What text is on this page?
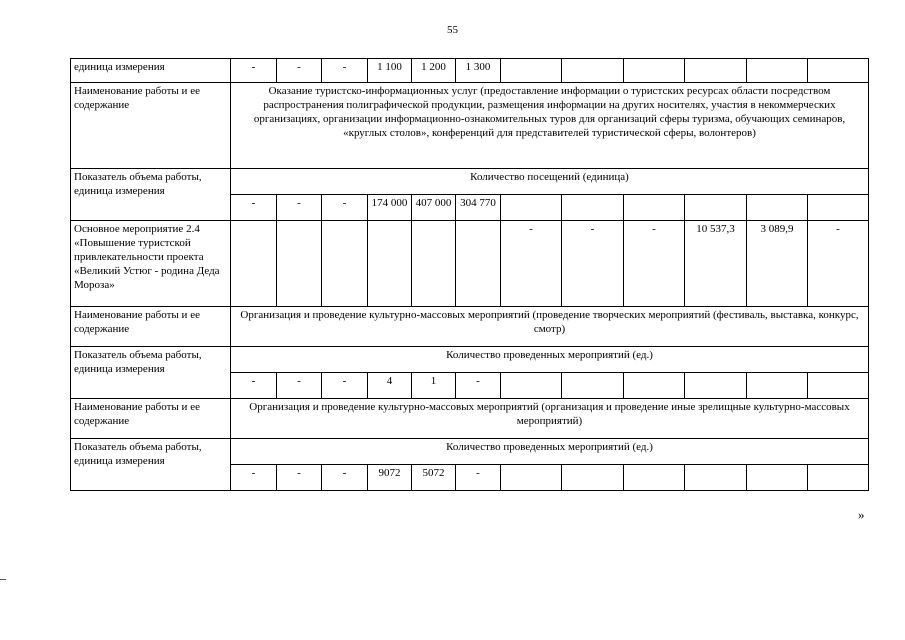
55
единица измерения	-	-	-	1 100	1 200	1 300						
Наименование работы и ее содержание	Оказание туристско-информационных услуг (предоставление информации о туристских ресурсах области посредством распространения полиграфической продукции, размещения информации на других носителях, участия в некоммерческих организациях, организации информационно-ознакомительных туров для организаций сферы туризма, обучающих семинаров, «круглых столов», конференций для представителей туристической сферы, волонтеров)											
Показатель объема работы, единица измерения	Количество посещений (единица)											
	-	-	-	174 000	407 000	304 770						
Основное мероприятие 2.4 «Повышение туристской привлекательности проекта «Великий Устюг - родина Деда Мороза»							-	-	-	10 537,3	3 089,9	-
Наименование работы и ее содержание	Организация и проведение культурно-массовых мероприятий (проведение творческих мероприятий (фестиваль, выставка, конкурс, смотр)											
Показатель объема работы, единица измерения	Количество проведенных мероприятий (ед.)											
	-	-	-	4	1	-						
Наименование работы и ее содержание	Организация и проведение культурно-массовых мероприятий (организация и проведение иные зрелищные культурно-массовых мероприятий)											
Показатель объема работы, единица измерения	Количество проведенных мероприятий (ед.)											
	-	-	-	9072	5072	-						
»
